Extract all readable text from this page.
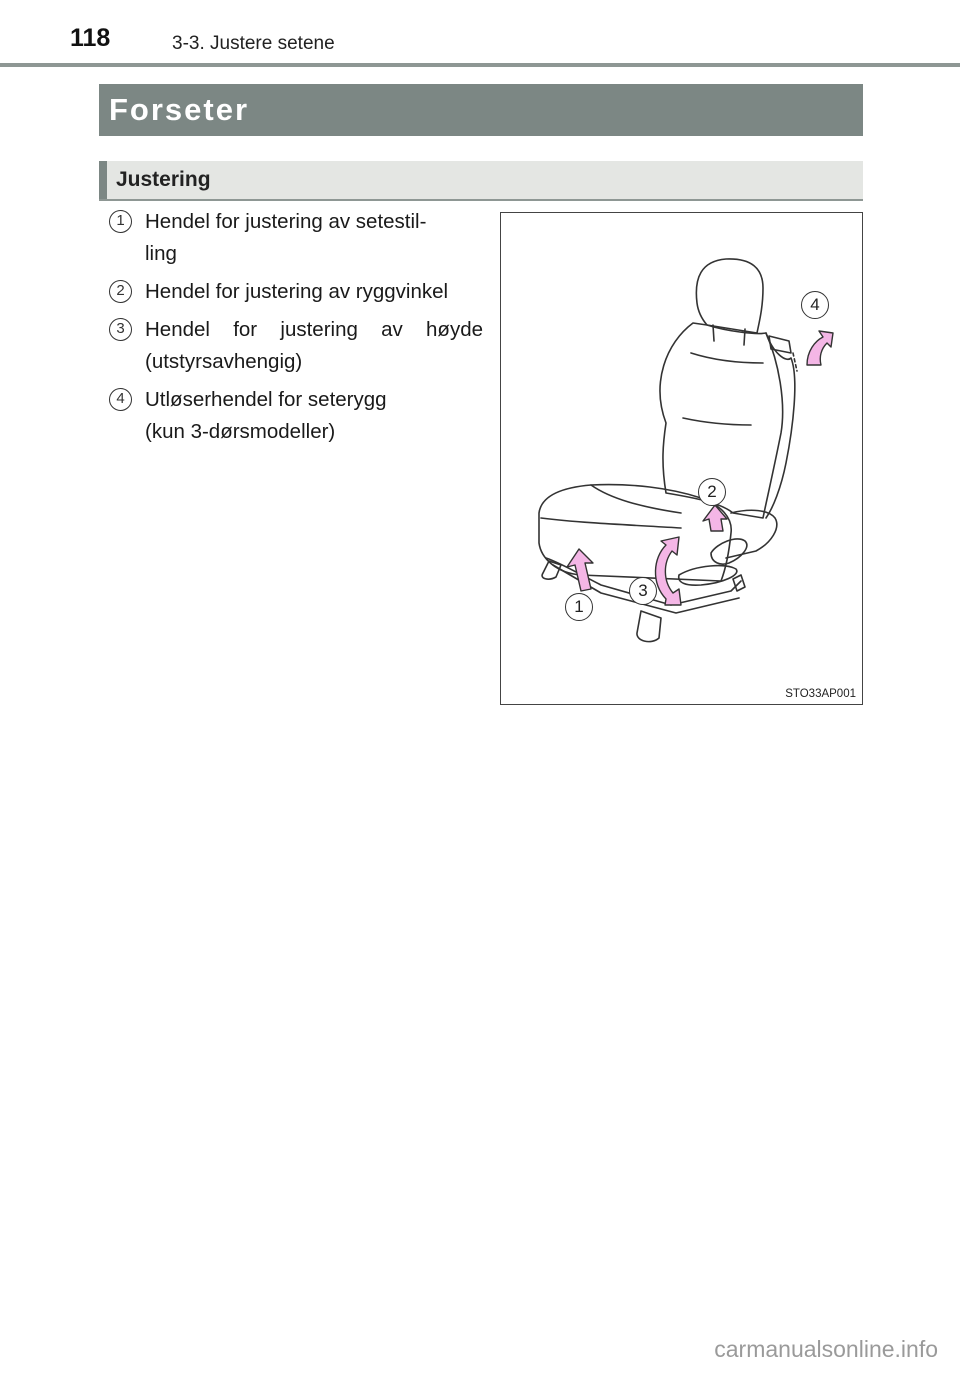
118	3-3. Justere setene
Forseter
Justering
1 Hendel for justering av setestil-
ling
2 Hendel for justering av ryggvinkel
3 Hendel for justering av høyde (utstyrsavhengig)
4 Utløserhendel for seterygg
(kun 3-dørsmodeller)
1
2
3
4
STO33AP001
carmanualsonline.info
